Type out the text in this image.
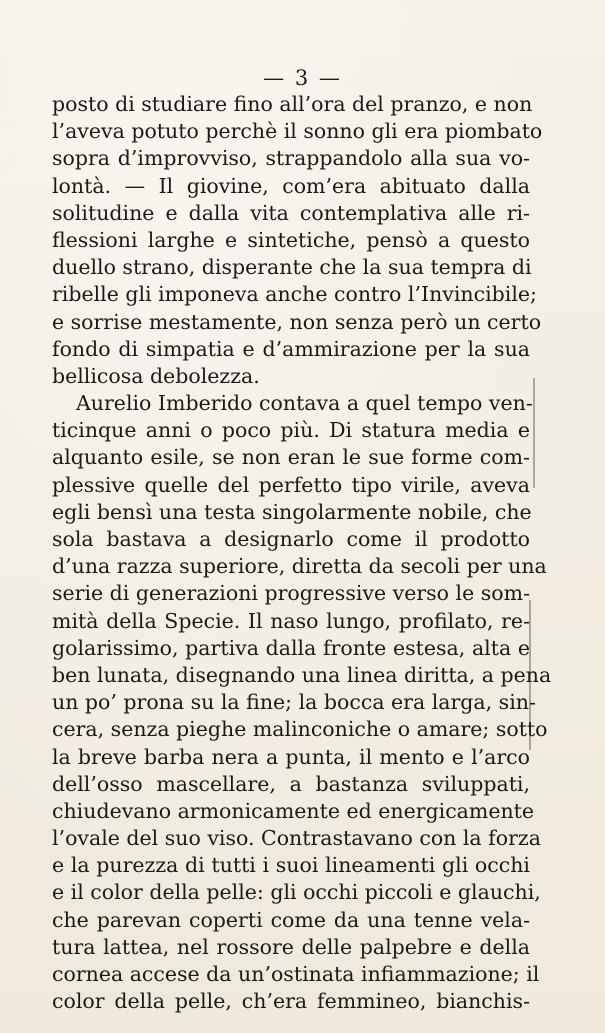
— 3 —
posto di studiare fino all’ora del pranzo, e non
l’aveva potuto perchè il sonno gli era piombato
sopra d’improvviso, strappandolo alla sua vo-
lontà. — Il giovine, com’era abituato dalla
solitudine e dalla vita contemplativa alle ri-
flessioni larghe e sintetiche, pensò a questo
duello strano, disperante che la sua tempra di
ribelle gli imponeva anche contro l’Invincibile;
e sorrise mestamente, non senza però un certo
fondo di simpatia e d’ammirazione per la sua
bellicosa debolezza.
Aurelio Imberido contava a quel tempo ven-
ticinque anni o poco più. Di statura media e
alquanto esile, se non eran le sue forme com-
plessive quelle del perfetto tipo virile, aveva
egli bensì una testa singolarmente nobile, che
sola bastava a designarlo come il prodotto
d’una razza superiore, diretta da secoli per una
serie di generazioni progressive verso le som-
mità della Specie. Il naso lungo, profilato, re-
golarissimo, partiva dalla fronte estesa, alta e
ben lunata, disegnando una linea diritta, a pena
un po’ prona su la fine; la bocca era larga, sin-
cera, senza pieghe malinconiche o amare; sotto
la breve barba nera a punta, il mento e l’arco
dell’osso mascellare, a bastanza sviluppati,
chiudevano armonicamente ed energicamente
l’ovale del suo viso. Contrastavano con la forza
e la purezza di tutti i suoi lineamenti gli occhi
e il color della pelle: gli occhi piccoli e glauchi,
che parevan coperti come da una tenne vela-
tura lattea, nel rossore delle palpebre e della
cornea accese da un’ostinata infiammazione; il
color della pelle, ch’era femmineo, bianchis-
